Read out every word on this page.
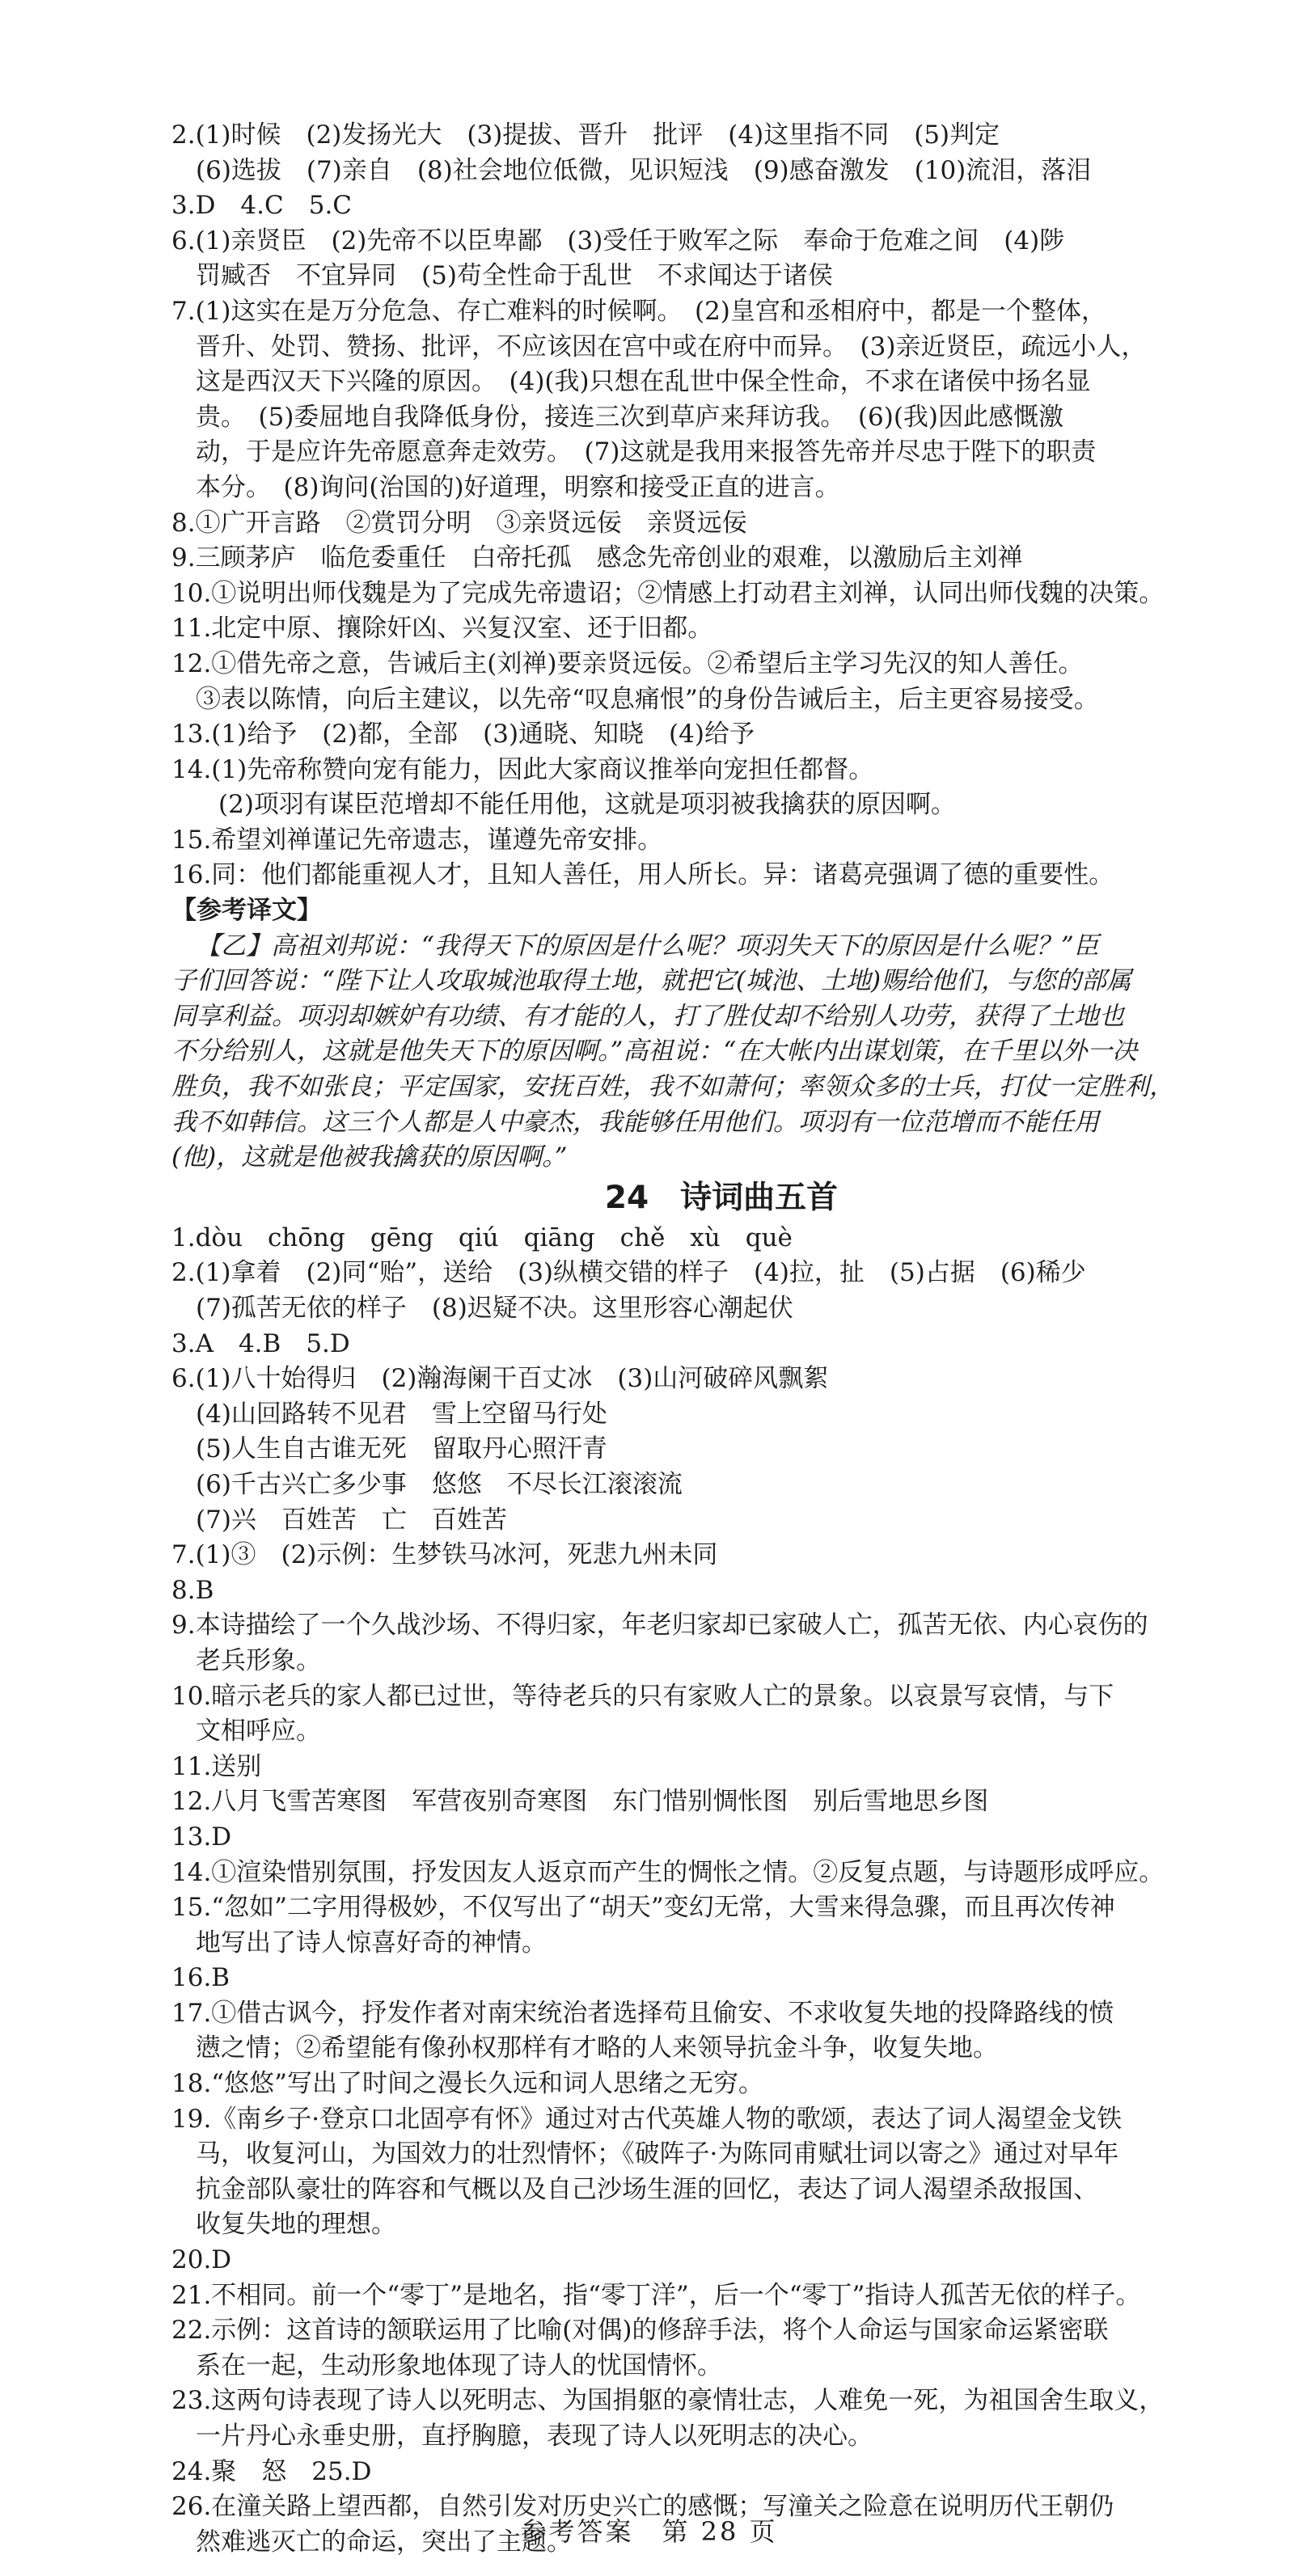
2.(1)时候　(2)发扬光大　(3)提拔、晋升　批评　(4)这里指不同　(5)判定
(6)选拔　(7)亲自　(8)社会地位低微，见识短浅　(9)感奋激发　(10)流泪，落泪
3.D　4.C　5.C
6.(1)亲贤臣　(2)先帝不以臣卑鄙　(3)受任于败军之际　奉命于危难之间　(4)陟
罚臧否　不宜异同　(5)苟全性命于乱世　不求闻达于诸侯
7.(1)这实在是万分危急、存亡难料的时候啊。　(2)皇宫和丞相府中，都是一个整体，
晋升、处罚、赞扬、批评，不应该因在宫中或在府中而异。　(3)亲近贤臣，疏远小人，
这是西汉天下兴隆的原因。　(4)(我)只想在乱世中保全性命，不求在诸侯中扬名显
贵。　(5)委屈地自我降低身份，接连三次到草庐来拜访我。　(6)(我)因此感慨激
动，于是应许先帝愿意奔走效劳。　(7)这就是我用来报答先帝并尽忠于陛下的职责
本分。　(8)询问(治国的)好道理，明察和接受正直的进言。
8.①广开言路　②赏罚分明　③亲贤远佞　亲贤远佞
9.三顾茅庐　临危委重任　白帝托孤　感念先帝创业的艰难，以激励后主刘禅
10.①说明出师伐魏是为了完成先帝遗诏；②情感上打动君主刘禅，认同出师伐魏的决策。
11.北定中原、攘除奸凶、兴复汉室、还于旧都。
12.①借先帝之意，告诫后主(刘禅)要亲贤远佞。②希望后主学习先汉的知人善任。
③表以陈情，向后主建议，以先帝“叹息痛恨”的身份告诫后主，后主更容易接受。
13.(1)给予　(2)都，全部　(3)通晓、知晓　(4)给予
14.(1)先帝称赞向宠有能力，因此大家商议推举向宠担任都督。
(2)项羽有谋臣范增却不能任用他，这就是项羽被我擒获的原因啊。
15.希望刘禅谨记先帝遗志，谨遵先帝安排。
16.同：他们都能重视人才，且知人善任，用人所长。异：诸葛亮强调了德的重要性。
【参考译文】
【乙】高祖刘邦说：“我得天下的原因是什么呢？项羽失天下的原因是什么呢？”臣
子们回答说：“陛下让人攻取城池取得土地，就把它(城池、土地)赐给他们，与您的部属
同享利益。项羽却嫉妒有功绩、有才能的人，打了胜仗却不给别人功劳，获得了土地也
不分给别人，这就是他失天下的原因啊。”高祖说：“在大帐内出谋划策，在千里以外一决
胜负，我不如张良；平定国家，安抚百姓，我不如萧何；率领众多的士兵，打仗一定胜利，
我不如韩信。这三个人都是人中豪杰，我能够任用他们。项羽有一位范增而不能任用
(他)，这就是他被我擒获的原因啊。”
24　诗词曲五首
1.dòu　chōng　gēng　qiú　qiāng　chě　xù　què
2.(1)拿着　(2)同“贻”，送给　(3)纵横交错的样子　(4)拉，扯　(5)占据　(6)稀少
(7)孤苦无依的样子　(8)迟疑不决。这里形容心潮起伏
3.A　4.B　5.D
6.(1)八十始得归　(2)瀚海阑干百丈冰　(3)山河破碎风飘絮
(4)山回路转不见君　雪上空留马行处
(5)人生自古谁无死　留取丹心照汗青
(6)千古兴亡多少事　悠悠　不尽长江滚滚流
(7)兴　百姓苦　亡　百姓苦
7.(1)③　(2)示例：生梦铁马冰河，死悲九州未同
8.B
9.本诗描绘了一个久战沙场、不得归家，年老归家却已家破人亡，孤苦无依、内心哀伤的
老兵形象。
10.暗示老兵的家人都已过世，等待老兵的只有家败人亡的景象。以哀景写哀情，与下
文相呼应。
11.送别
12.八月飞雪苦寒图　军营夜别奇寒图　东门惜别惆怅图　别后雪地思乡图
13.D
14.①渲染惜别氛围，抒发因友人返京而产生的惆怅之情。②反复点题，与诗题形成呼应。
15.“忽如”二字用得极妙，不仅写出了“胡天”变幻无常，大雪来得急骤，而且再次传神
地写出了诗人惊喜好奇的神情。
16.B
17.①借古讽今，抒发作者对南宋统治者选择苟且偷安、不求收复失地的投降路线的愤
懑之情；②希望能有像孙权那样有才略的人来领导抗金斗争，收复失地。
18.“悠悠”写出了时间之漫长久远和词人思绪之无穷。
19.《南乡子·登京口北固亭有怀》通过对古代英雄人物的歌颂，表达了词人渴望金戈铁
马，收复河山，为国效力的壮烈情怀；《破阵子·为陈同甫赋壮词以寄之》通过对早年
抗金部队豪壮的阵容和气概以及自己沙场生涯的回忆，表达了词人渴望杀敌报国、
收复失地的理想。
20.D
21.不相同。前一个“零丁”是地名，指“零丁洋”，后一个“零丁”指诗人孤苦无依的样子。
22.示例：这首诗的颔联运用了比喻(对偶)的修辞手法，将个人命运与国家命运紧密联
系在一起，生动形象地体现了诗人的忧国情怀。
23.这两句诗表现了诗人以死明志、为国捐躯的豪情壮志，人难免一死，为祖国舍生取义，
一片丹心永垂史册，直抒胸臆，表现了诗人以死明志的决心。
24.聚　怒　25.D
26.在潼关路上望西都，自然引发对历史兴亡的感慨；写潼关之险意在说明历代王朝仍
然难逃灭亡的命运，突出了主题。
参考答案　第 28 页
